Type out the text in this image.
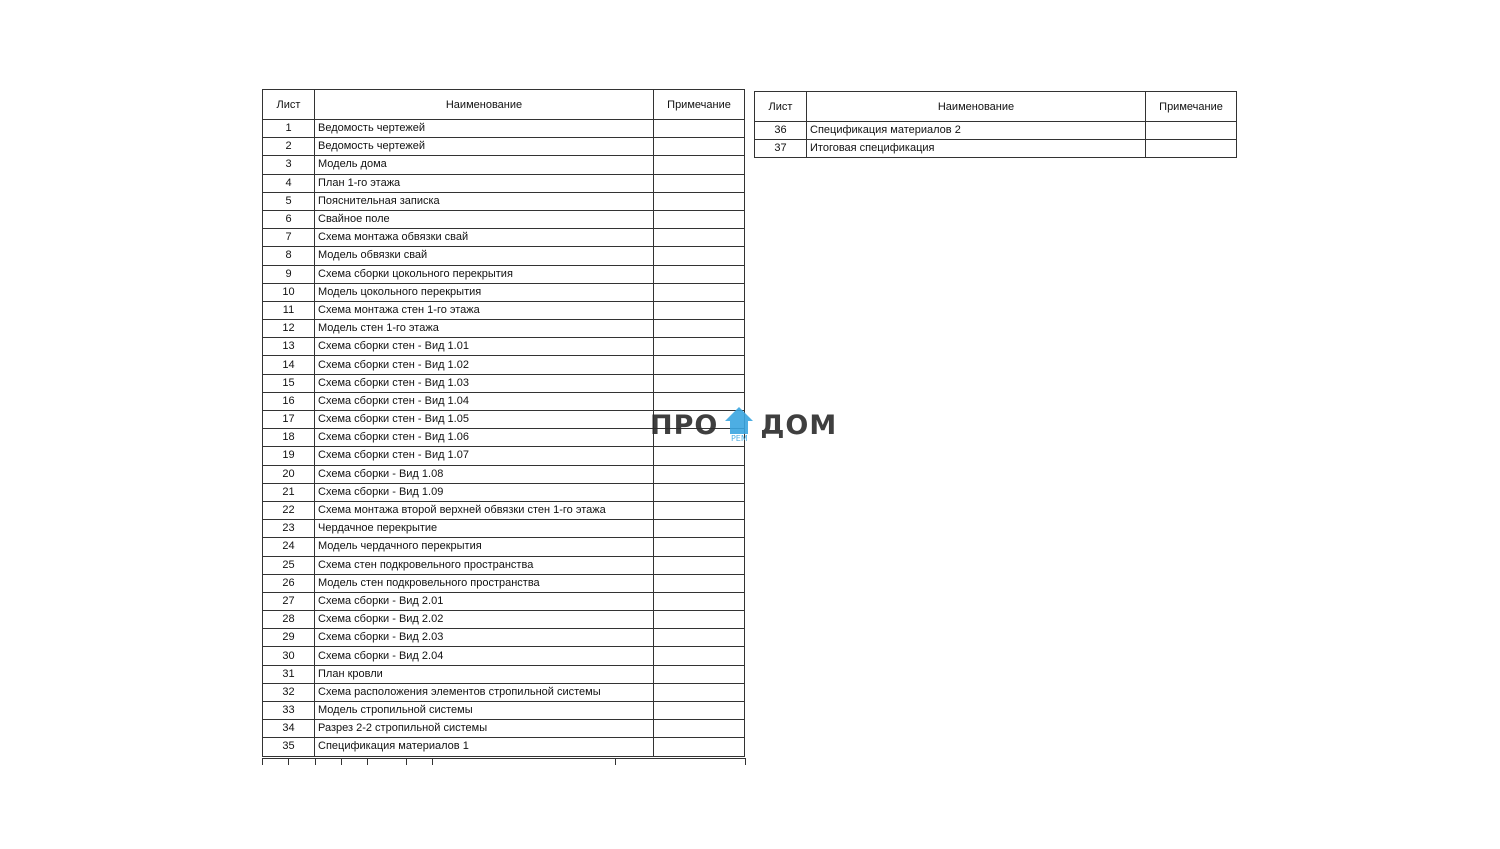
Лист	Наименование	Примечание
1	Ведомость чертежей	
2	Ведомость чертежей	
3	Модель дома	
4	План 1-го этажа	
5	Пояснительная записка	
6	Свайное поле	
7	Схема монтажа обвязки свай	
8	Модель обвязки свай	
9	Схема сборки цокольного перекрытия	
10	Модель цокольного перекрытия	
11	Схема монтажа стен 1-го этажа	
12	Модель стен 1-го этажа	
13	Схема сборки стен - Вид 1.01	
14	Схема сборки стен - Вид 1.02	
15	Схема сборки стен - Вид 1.03	
16	Схема сборки стен - Вид 1.04	
17	Схема сборки стен - Вид 1.05	
18	Схема сборки стен - Вид 1.06	
19	Схема сборки стен - Вид 1.07	
20	Схема сборки - Вид 1.08	
21	Схема сборки - Вид 1.09	
22	Схема монтажа второй верхней обвязки стен 1-го этажа	
23	Чердачное перекрытие	
24	Модель чердачного перекрытия	
25	Схема стен подкровельного пространства	
26	Модель стен подкровельного пространства	
27	Схема сборки - Вид 2.01	
28	Схема сборки - Вид 2.02	
29	Схема сборки - Вид 2.03	
30	Схема сборки - Вид 2.04	
31	План кровли	
32	Схема расположения элементов стропильной системы	
33	Модель стропильной системы	
34	Разрез 2-2 стропильной системы	
35	Спецификация материалов 1	
Лист	Наименование	Примечание
36	Спецификация материалов 2	
37	Итоговая спецификация	
ПРО	РЕМ ДОМ
